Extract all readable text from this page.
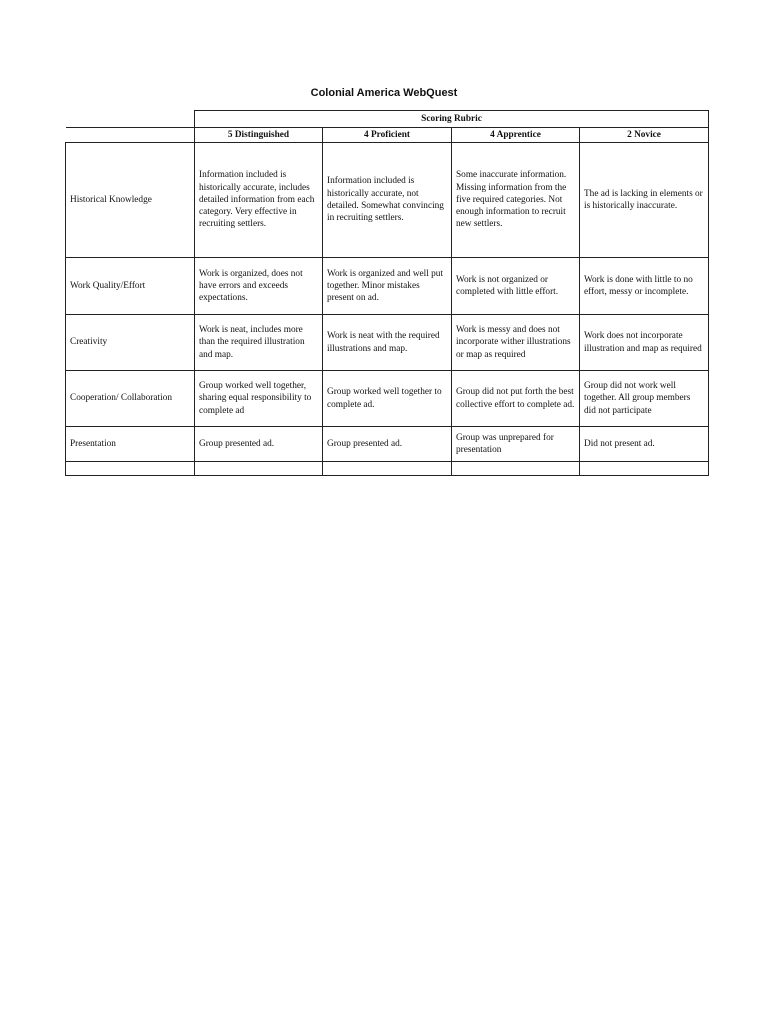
Colonial America WebQuest
	Scoring Rubric			
	5 Distinguished	4 Proficient	4 Apprentice	2 Novice
Historical Knowledge	Information included is historically accurate, includes detailed information from each category. Very effective in recruiting settlers.	Information included is historically accurate, not detailed. Somewhat convincing in recruiting settlers.	Some inaccurate information. Missing information from the five required categories. Not enough information to recruit new settlers.	The ad is lacking in elements or is historically inaccurate.
Work Quality/Effort	Work is organized, does not have errors and exceeds expectations.	Work is organized and well put together. Minor mistakes present on ad.	Work is not organized or completed with little effort.	Work is done with little to no effort, messy or incomplete.
Creativity	Work is neat, includes more than the required illustration and map.	Work is neat with the required illustrations and map.	Work is messy and does not incorporate wither illustrations or map as required	Work does not incorporate illustration and map as required
Cooperation/ Collaboration	Group worked well together, sharing equal responsibility to complete ad	Group worked well together to complete ad.	Group did not put forth the best collective effort to complete ad.	Group did not work well together. All group members did not participate
Presentation	Group presented ad.	Group presented ad.	Group was unprepared for presentation	Did not present ad.
